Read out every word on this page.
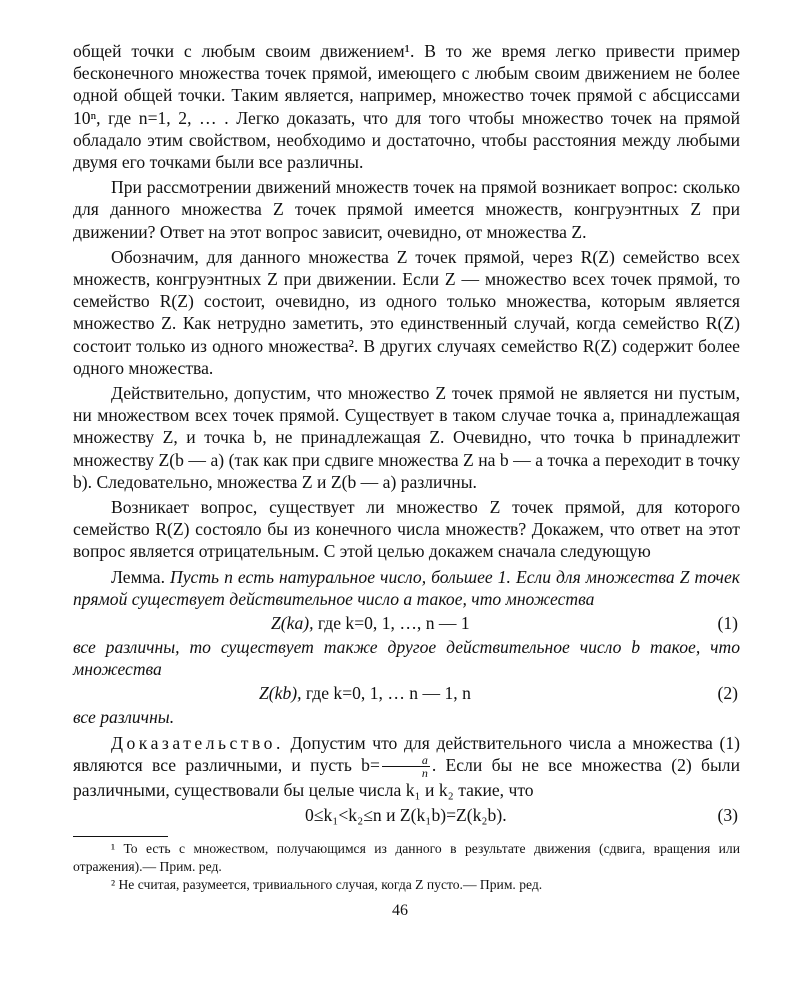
общей точки с любым своим движением¹. В то же время легко привести пример бесконечного множества точек прямой, имеющего с любым своим движением не более одной общей точки. Таким является, например, множество точек прямой с абсциссами 10ⁿ, где n=1, 2, … . Легко доказать, что для того чтобы множество точек на прямой обладало этим свойством, необходимо и достаточно, чтобы расстояния между любыми двумя его точками были все различны.

При рассмотрении движений множеств точек на прямой возникает вопрос: сколько для данного множества Z точек прямой имеется множеств, конгруэнтных Z при движении? Ответ на этот вопрос зависит, очевидно, от множества Z.

Обозначим, для данного множества Z точек прямой, через R(Z) семейство всех множеств, конгруэнтных Z при движении. Если Z — множество всех точек прямой, то семейство R(Z) состоит, очевидно, из одного только множества, которым является множество Z. Как нетрудно заметить, это единственный случай, когда семейство R(Z) состоит только из одного множества². В других случаях семейство R(Z) содержит более одного множества.

Действительно, допустим, что множество Z точек прямой не является ни пустым, ни множеством всех точек прямой. Существует в таком случае точка a, принадлежащая множеству Z, и точка b, не принадлежащая Z. Очевидно, что точка b принадлежит множеству Z(b — a) (так как при сдвиге множества Z на b — a точка a переходит в точку b). Следовательно, множества Z и Z(b — a) различны.

Возникает вопрос, существует ли множество Z точек прямой, для которого семейство R(Z) состояло бы из конечного числа множеств? Докажем, что ответ на этот вопрос является отрицательным. С этой целью докажем сначала следующую

Лемма. Пусть n есть натуральное число, большее 1. Если для множества Z точек прямой существует действительное число a такое, что множества

Z(ka), где k=0, 1, …, n — 1	(1)

все различны, то существует также другое действительное число b такое, что множества

Z(kb), где k=0, 1, … n — 1, n	(2)

все различны.

Доказательство. Допустим что для действительного числа a множества (1) являются все различными, и пусть $b= \frac{a}{n}$ . Если бы не все множества (2) были различными, существовали бы целые числа k₁ и k₂ такие, что

0≤k₁<k₂≤n и Z(k₁b)=Z(k₂b).	(3)

¹ То есть с множеством, получающимся из данного в результате движения (сдвига, вращения или отражения).— Прим. ред.

² Не считая, разумеется, тривиального случая, когда Z пусто.— Прим. ред.

46
